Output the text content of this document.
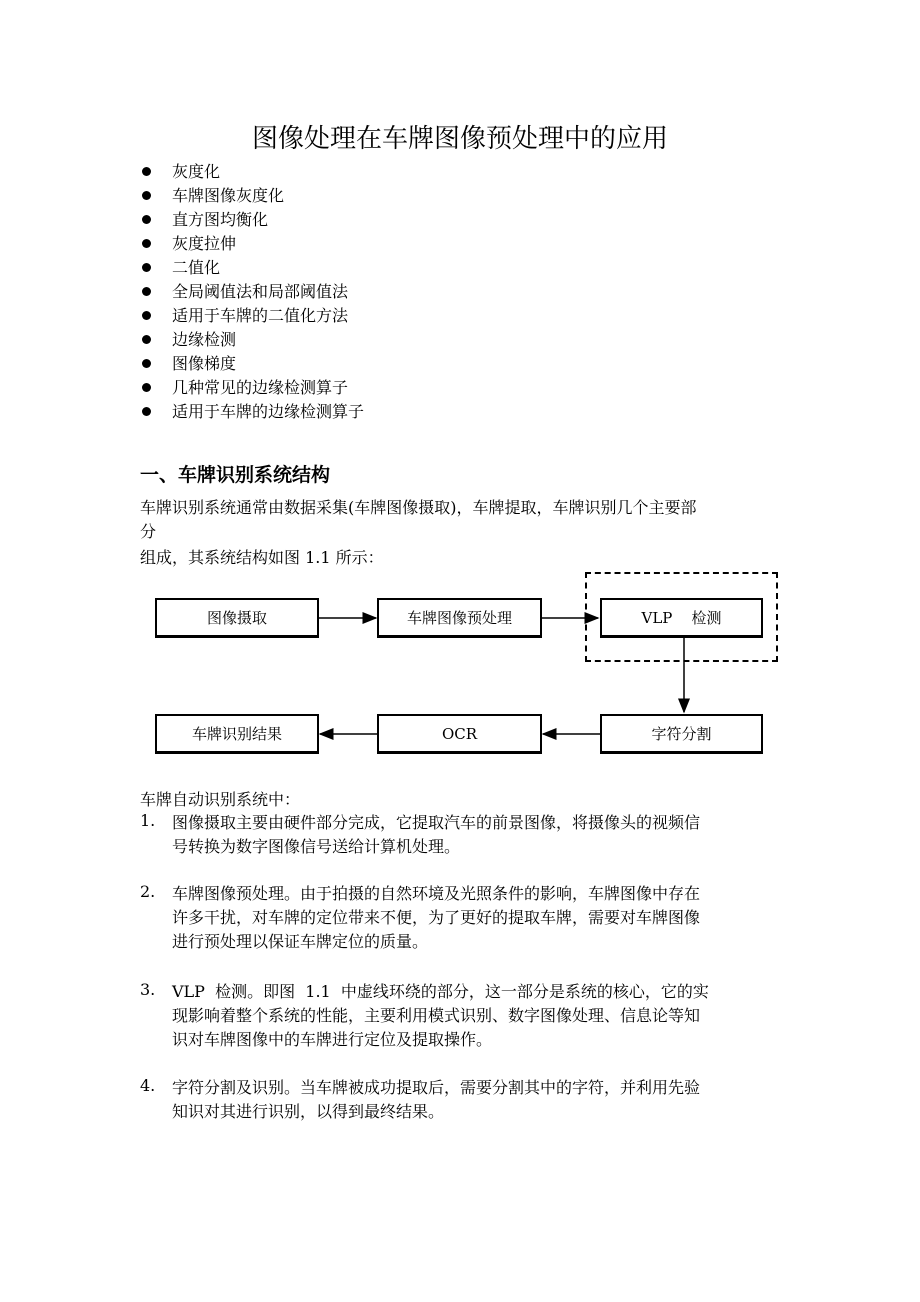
图像处理在车牌图像预处理中的应用
灰度化
车牌图像灰度化
直方图均衡化
灰度拉伸
二值化
全局阈值法和局部阈值法
适用于车牌的二值化方法
边缘检测
图像梯度
几种常见的边缘检测算子
适用于车牌的边缘检测算子
一、车牌识别系统结构
车牌识别系统通常由数据采集(车牌图像摄取)，车牌提取，车牌识别几个主要部
分
组成，其系统结构如图 1.1 所示：
图像摄取	车牌图像预处理	VLP    检测
字符分割
OCR
车牌识别结果
车牌自动识别系统中：
1. 图像摄取主要由硬件部分完成，它提取汽车的前景图像，将摄像头的视频信
号转换为数字图像信号送给计算机处理。
2. 车牌图像预处理。由于拍摄的自然环境及光照条件的影响，车牌图像中存在
许多干扰，对车牌的定位带来不便，为了更好的提取车牌，需要对车牌图像
进行预处理以保证车牌定位的质量。
3. VLP  检测。即图  1.1  中虚线环绕的部分，这一部分是系统的核心，它的实
现影响着整个系统的性能，主要利用模式识别、数字图像处理、信息论等知
识对车牌图像中的车牌进行定位及提取操作。
4. 字符分割及识别。当车牌被成功提取后，需要分割其中的字符，并利用先验
知识对其进行识别，以得到最终结果。
